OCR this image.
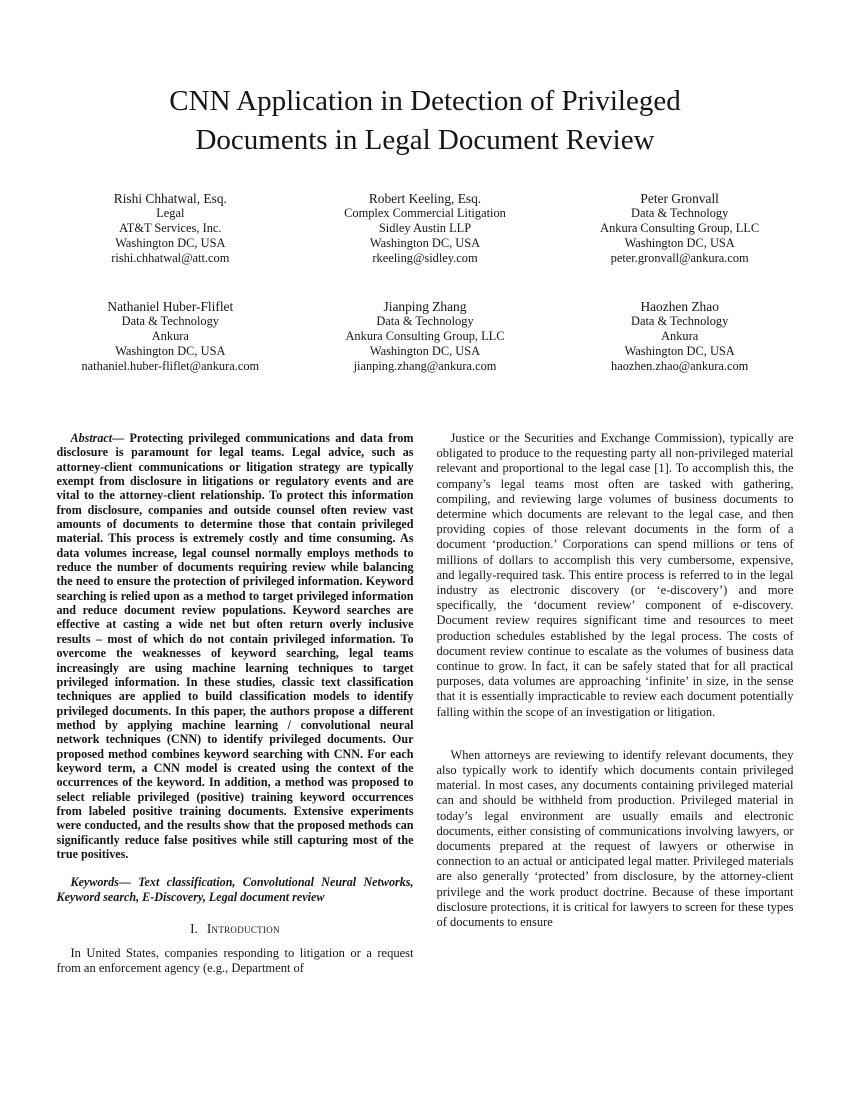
CNN Application in Detection of Privileged Documents in Legal Document Review
Rishi Chhatwal, Esq.
Legal
AT&T Services, Inc.
Washington DC, USA
rishi.chhatwal@att.com
Robert Keeling, Esq.
Complex Commercial Litigation
Sidley Austin LLP
Washington DC, USA
rkeeling@sidley.com
Peter Gronvall
Data & Technology
Ankura Consulting Group, LLC
Washington DC, USA
peter.gronvall@ankura.com
Nathaniel Huber-Fliflet
Data & Technology
Ankura
Washington DC, USA
nathaniel.huber-fliflet@ankura.com
Jianping Zhang
Data & Technology
Ankura Consulting Group, LLC
Washington DC, USA
jianping.zhang@ankura.com
Haozhen Zhao
Data & Technology
Ankura
Washington DC, USA
haozhen.zhao@ankura.com

Abstract— Protecting privileged communications and data from disclosure is paramount for legal teams. Legal advice, such as attorney-client communications or litigation strategy are typically exempt from disclosure in litigations or regulatory events and are vital to the attorney-client relationship. To protect this information from disclosure, companies and outside counsel often review vast amounts of documents to determine those that contain privileged material. This process is extremely costly and time consuming. As data volumes increase, legal counsel normally employs methods to reduce the number of documents requiring review while balancing the need to ensure the protection of privileged information. Keyword searching is relied upon as a method to target privileged information and reduce document review populations. Keyword searches are effective at casting a wide net but often return overly inclusive results – most of which do not contain privileged information. To overcome the weaknesses of keyword searching, legal teams increasingly are using machine learning techniques to target privileged information. In these studies, classic text classification techniques are applied to build classification models to identify privileged documents. In this paper, the authors propose a different method by applying machine learning / convolutional neural network techniques (CNN) to identify privileged documents. Our proposed method combines keyword searching with CNN. For each keyword term, a CNN model is created using the context of the occurrences of the keyword. In addition, a method was proposed to select reliable privileged (positive) training keyword occurrences from labeled positive training documents. Extensive experiments were conducted, and the results show that the proposed methods can significantly reduce false positives while still capturing most of the true positives.

Keywords— Text classification, Convolutional Neural Networks, Keyword search, E-Discovery, Legal document review

I. Introduction

In United States, companies responding to litigation or a request from an enforcement agency (e.g., Department of

Justice or the Securities and Exchange Commission), typically are obligated to produce to the requesting party all non-privileged material relevant and proportional to the legal case [1]. To accomplish this, the company’s legal teams most often are tasked with gathering, compiling, and reviewing large volumes of business documents to determine which documents are relevant to the legal case, and then providing copies of those relevant documents in the form of a document ‘production.’ Corporations can spend millions or tens of millions of dollars to accomplish this very cumbersome, expensive, and legally-required task. This entire process is referred to in the legal industry as electronic discovery (or ‘e-discovery’) and more specifically, the ‘document review’ component of e-discovery. Document review requires significant time and resources to meet production schedules established by the legal process. The costs of document review continue to escalate as the volumes of business data continue to grow. In fact, it can be safely stated that for all practical purposes, data volumes are approaching ‘infinite’ in size, in the sense that it is essentially impracticable to review each document potentially falling within the scope of an investigation or litigation.

When attorneys are reviewing to identify relevant documents, they also typically work to identify which documents contain privileged material. In most cases, any documents containing privileged material can and should be withheld from production. Privileged material in today’s legal environment are usually emails and electronic documents, either consisting of communications involving lawyers, or documents prepared at the request of lawyers or otherwise in connection to an actual or anticipated legal matter. Privileged materials are also generally ‘protected’ from disclosure, by the attorney-client privilege and the work product doctrine. Because of these important disclosure protections, it is critical for lawyers to screen for these types of documents to ensure
